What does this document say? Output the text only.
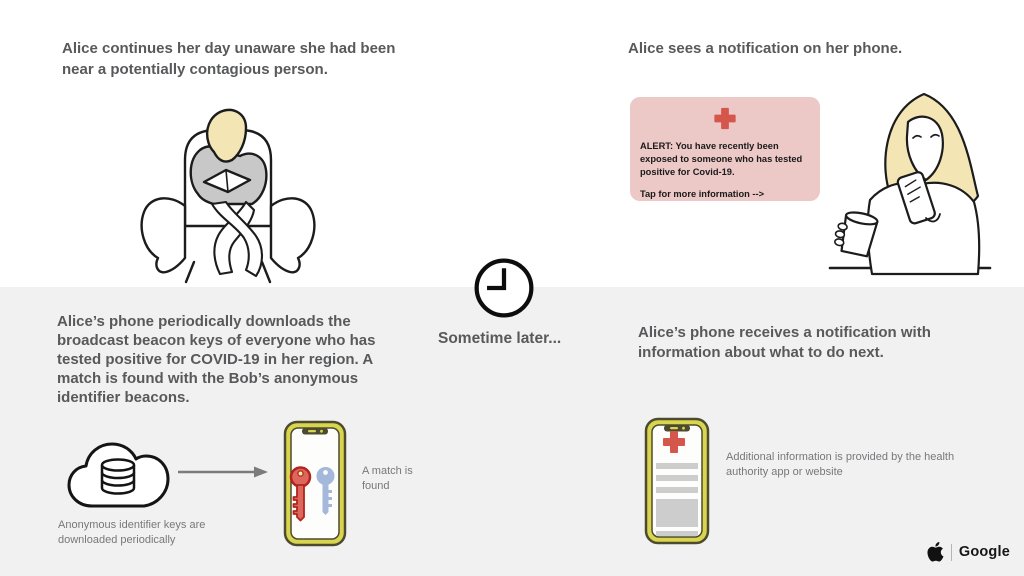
Alice continues her day unaware she had been near a potentially contagious person.
Alice sees a notification on her phone.
ALERT: You have recently been exposed to someone who has tested positive for Covid-19.
Tap for more information -->
Sometime later...
Alice’s phone periodically downloads the broadcast beacon keys of everyone who has tested positive for COVID-19 in her region. A match is found with the Bob’s anonymous identifier beacons.
A match is found
Anonymous identifier keys are downloaded periodically
Alice’s phone receives a notification with information about what to do next.
Additional information is provided by the health authority app or website
Google
